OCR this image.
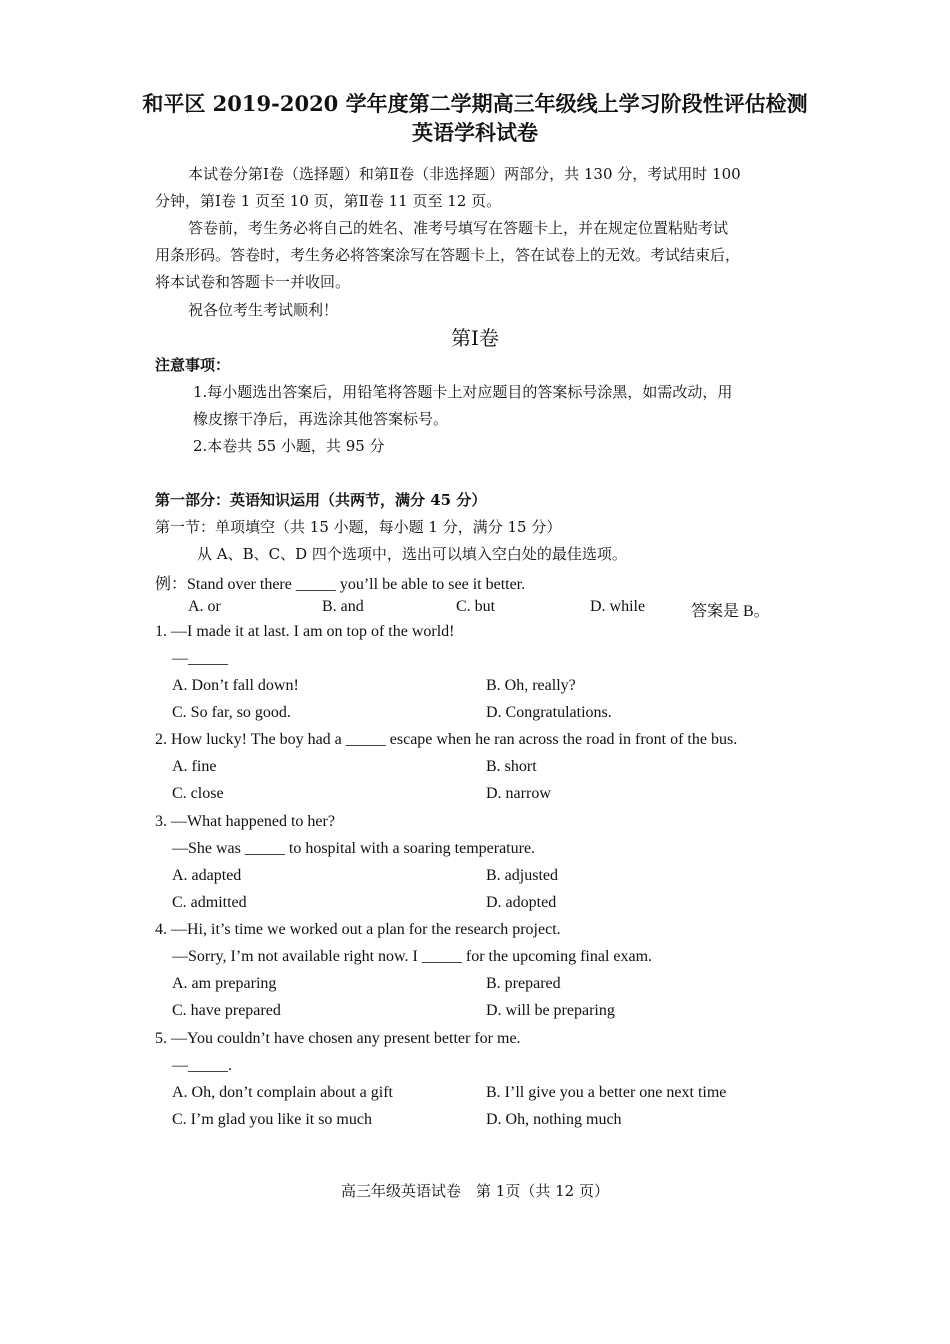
和平区 2019-2020 学年度第二学期高三年级线上学习阶段性评估检测
英语学科试卷
本试卷分第Ⅰ卷（选择题）和第Ⅱ卷（非选择题）两部分，共 130 分，考试用时 100
分钟，第Ⅰ卷 1 页至 10 页，第Ⅱ卷 11 页至 12 页。
答卷前，考生务必将自己的姓名、准考号填写在答题卡上，并在规定位置粘贴考试
用条形码。答卷时，考生务必将答案涂写在答题卡上，答在试卷上的无效。考试结束后，
将本试卷和答题卡一并收回。
祝各位考生考试顺利！
第Ⅰ卷
注意事项：
1.每小题选出答案后，用铅笔将答题卡上对应题目的答案标号涂黑，如需改动，用
橡皮擦干净后，再选涂其他答案标号。
2.本卷共 55 小题，共 95 分
第一部分：英语知识运用（共两节，满分 45 分）
第一节：单项填空（共 15 小题，每小题 1 分，满分 15 分）
从 A、B、C、D 四个选项中，选出可以填入空白处的最佳选项。
例：Stand over there _____ you’ll be able to see it better.
A. or	B. and	C. but	D. while	答案是 B。
1. —I made it at last. I am on top of the world!
—_____
A. Don’t fall down!	B. Oh, really?
C. So far, so good.	D. Congratulations.
2. How lucky! The boy had a _____ escape when he ran across the road in front of the bus.
A. fine	B. short
C. close	D. narrow
3. —What happened to her?
—She was _____ to hospital with a soaring temperature.
A. adapted	B. adjusted
C. admitted	D. adopted
4. —Hi, it’s time we worked out a plan for the research project.
—Sorry, I’m not available right now. I _____ for the upcoming final exam.
A. am preparing	B. prepared
C. have prepared	D. will be preparing
5. —You couldn’t have chosen any present better for me.
—_____.
A. Oh, don’t complain about a gift	B. I’ll give you a better one next time
C. I’m glad you like it so much	D. Oh, nothing much
高三年级英语试卷　第 1页（共 12 页）
